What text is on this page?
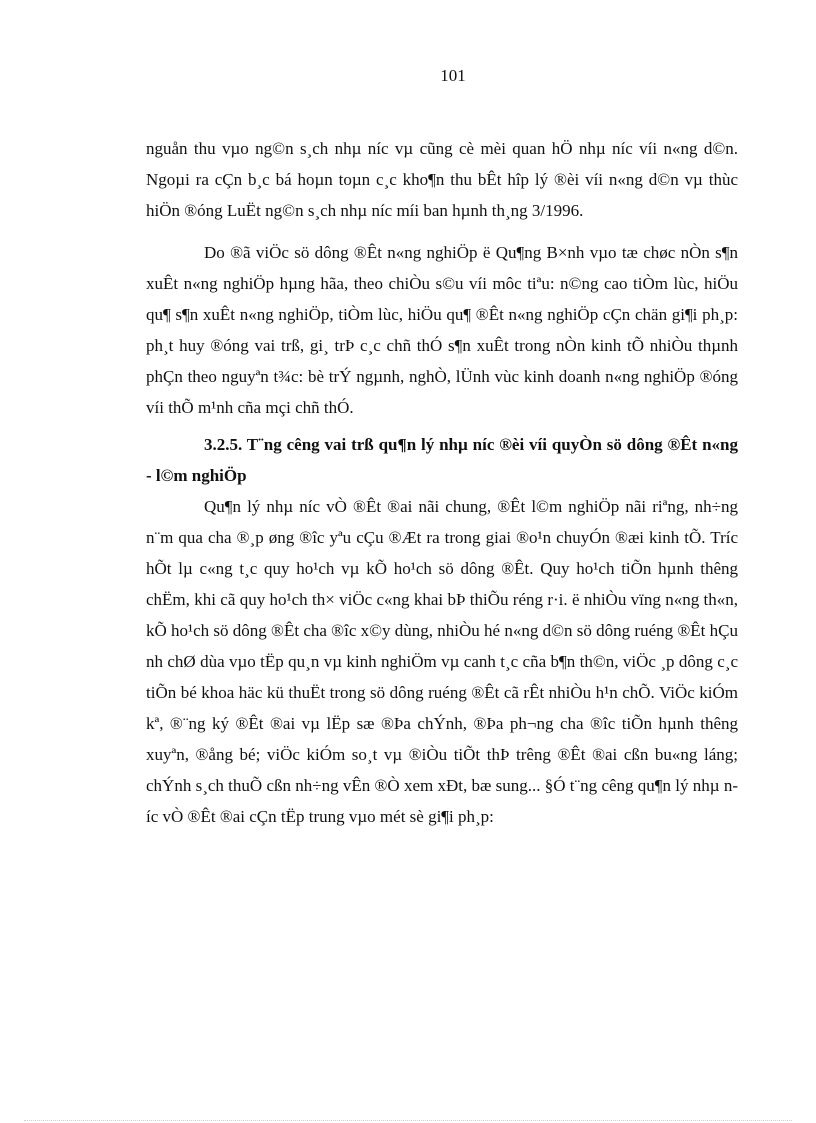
101

nguån thu vµo ng©n s¸ch nhµ níc vµ cũng cè mèi quan hÖ nhµ níc víi n«ng d©n. Ngoµi ra cÇn b¸c bá hoµn toµn c¸c kho¶n thu bÊt hîp lý ®èi víi n«ng d©n vµ thùc hiÖn ®óng LuËt ng©n s¸ch nhµ níc míi ban hµnh th¸ng 3/1996.

Do ®ã viÖc sö dông ®Êt n«ng nghiÖp ë Qu¶ng B×nh vµo tæ chøc nÒn s¶n xuÊt n«ng nghiÖp hµng hãa, theo chiÒu s©u víi môc tiªu: n©ng cao tiÒm lùc, hiÖu qu¶ s¶n xuÊt n«ng nghiÖp, tiÒm lùc, hiÖu qu¶ ®Êt n«ng nghiÖp cÇn chän gi¶i ph¸p: ph¸t huy ®óng vai trß, gi¸ trÞ c¸c chñ thÓ s¶n xuÊt trong nÒn kinh tÕ nhiÒu thµnh phÇn theo nguyªn t¾c: bè trÝ ngµnh, nghÒ, lÜnh vùc kinh doanh n«ng nghiÖp ®óng víi thÕ m¹nh cña mçi chñ thÓ.

3.2.5. T¨ng cêng vai trß qu¶n lý nhµ níc ®èi víi quyÒn sö dông ®Êt n«ng - l©m nghiÖp

Qu¶n lý nhµ níc vÒ ®Êt ®ai nãi chung, ®Êt l©m nghiÖp nãi riªng, nh÷ng n¨m qua cha ®¸p øng ®îc yªu cÇu ®Æt ra trong giai ®o¹n chuyÓn ®æi kinh tÕ. Tríc hÕt lµ c«ng t¸c quy ho¹ch vµ kÕ ho¹ch sö dông ®Êt. Quy ho¹ch tiÕn hµnh thêng chËm, khi cã quy ho¹ch th× viÖc c«ng khai bÞ thiÕu réng r·i. ë nhiÒu vïng n«ng th«n, kÕ ho¹ch sö dông ®Êt cha ®îc x©y dùng, nhiÒu hé n«ng d©n sö dông ruéng ®Êt hÇu nh chØ dùa vµo tËp qu¸n vµ kinh nghiÖm vµ canh t¸c cña b¶n th©n, viÖc ¸p dông c¸c tiÕn bé khoa häc kü thuËt trong sö dông ruéng ®Êt cã rÊt nhiÒu h¹n chÕ. ViÖc kiÓm kª, ®¨ng ký ®Êt ®ai vµ lËp sæ ®Þa chÝnh, ®Þa ph¬ng cha ®îc tiÕn hµnh thêng xuyªn, ®ång bé; viÖc kiÓm so¸t vµ ®iÒu tiÕt thÞ trêng ®Êt ®ai cßn bu«ng láng; chÝnh s¸ch thuÕ cßn nh÷ng vÊn ®Ò xem xÐt, bæ sung... §Ó t¨ng cêng qu¶n lý nhµ níc vÒ ®Êt ®ai cÇn tËp trung vµo mét sè gi¶i ph¸p:
